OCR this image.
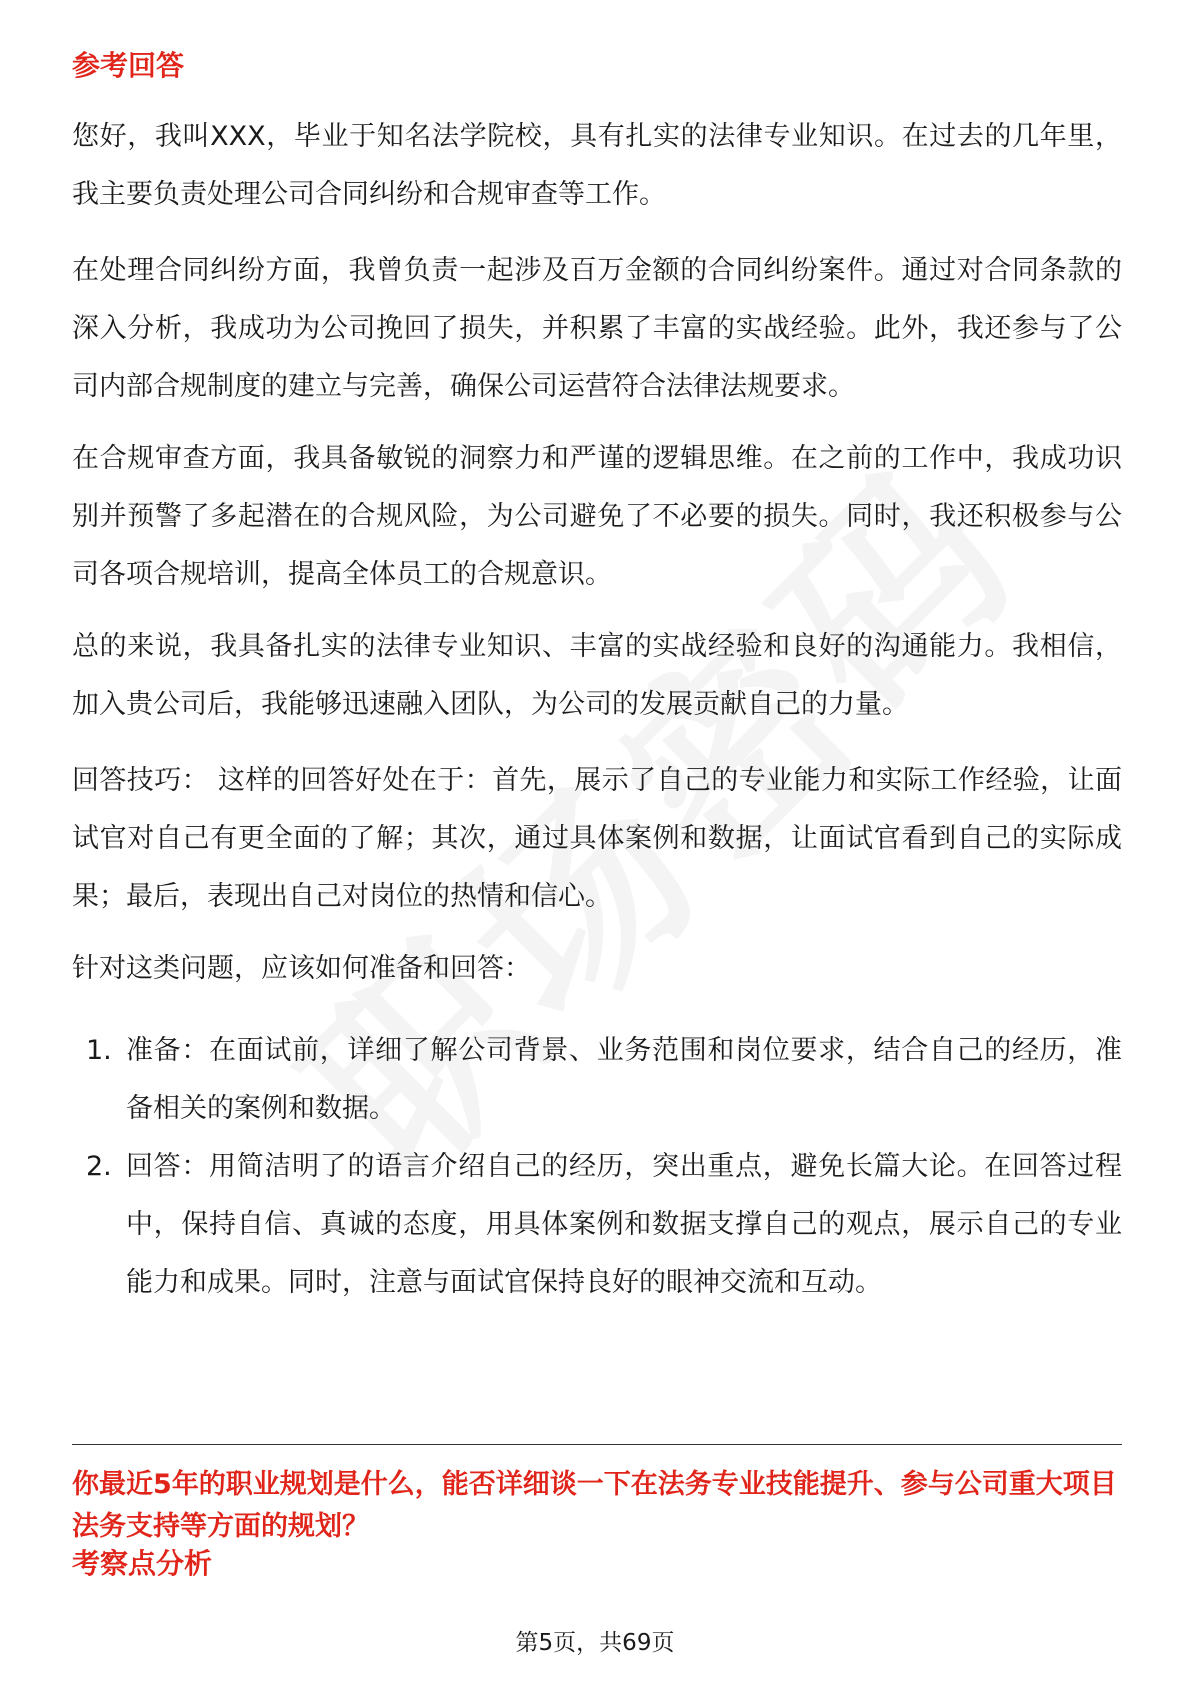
参考回答
您好，我叫XXX，毕业于知名法学院校，具有扎实的法律专业知识。在过去的几年里，我主要负责处理公司合同纠纷和合规审查等工作。
在处理合同纠纷方面，我曾负责一起涉及百万金额的合同纠纷案件。通过对合同条款的深入分析，我成功为公司挽回了损失，并积累了丰富的实战经验。此外，我还参与了公司内部合规制度的建立与完善，确保公司运营符合法律法规要求。
在合规审查方面，我具备敏锐的洞察力和严谨的逻辑思维。在之前的工作中，我成功识别并预警了多起潜在的合规风险，为公司避免了不必要的损失。同时，我还积极参与公司各项合规培训，提高全体员工的合规意识。
总的来说，我具备扎实的法律专业知识、丰富的实战经验和良好的沟通能力。我相信，加入贵公司后，我能够迅速融入团队，为公司的发展贡献自己的力量。
回答技巧： 这样的回答好处在于：首先，展示了自己的专业能力和实际工作经验，让面试官对自己有更全面的了解；其次，通过具体案例和数据，让面试官看到自己的实际成果；最后，表现出自己对岗位的热情和信心。
针对这类问题，应该如何准备和回答：
1. 准备：在面试前，详细了解公司背景、业务范围和岗位要求，结合自己的经历，准备相关的案例和数据。
2. 回答：用简洁明了的语言介绍自己的经历，突出重点，避免长篇大论。在回答过程中，保持自信、真诚的态度，用具体案例和数据支撑自己的观点，展示自己的专业能力和成果。同时，注意与面试官保持良好的眼神交流和互动。
你最近5年的职业规划是什么，能否详细谈一下在法务专业技能提升、参与公司重大项目法务支持等方面的规划？
考察点分析
第5页，共69页
